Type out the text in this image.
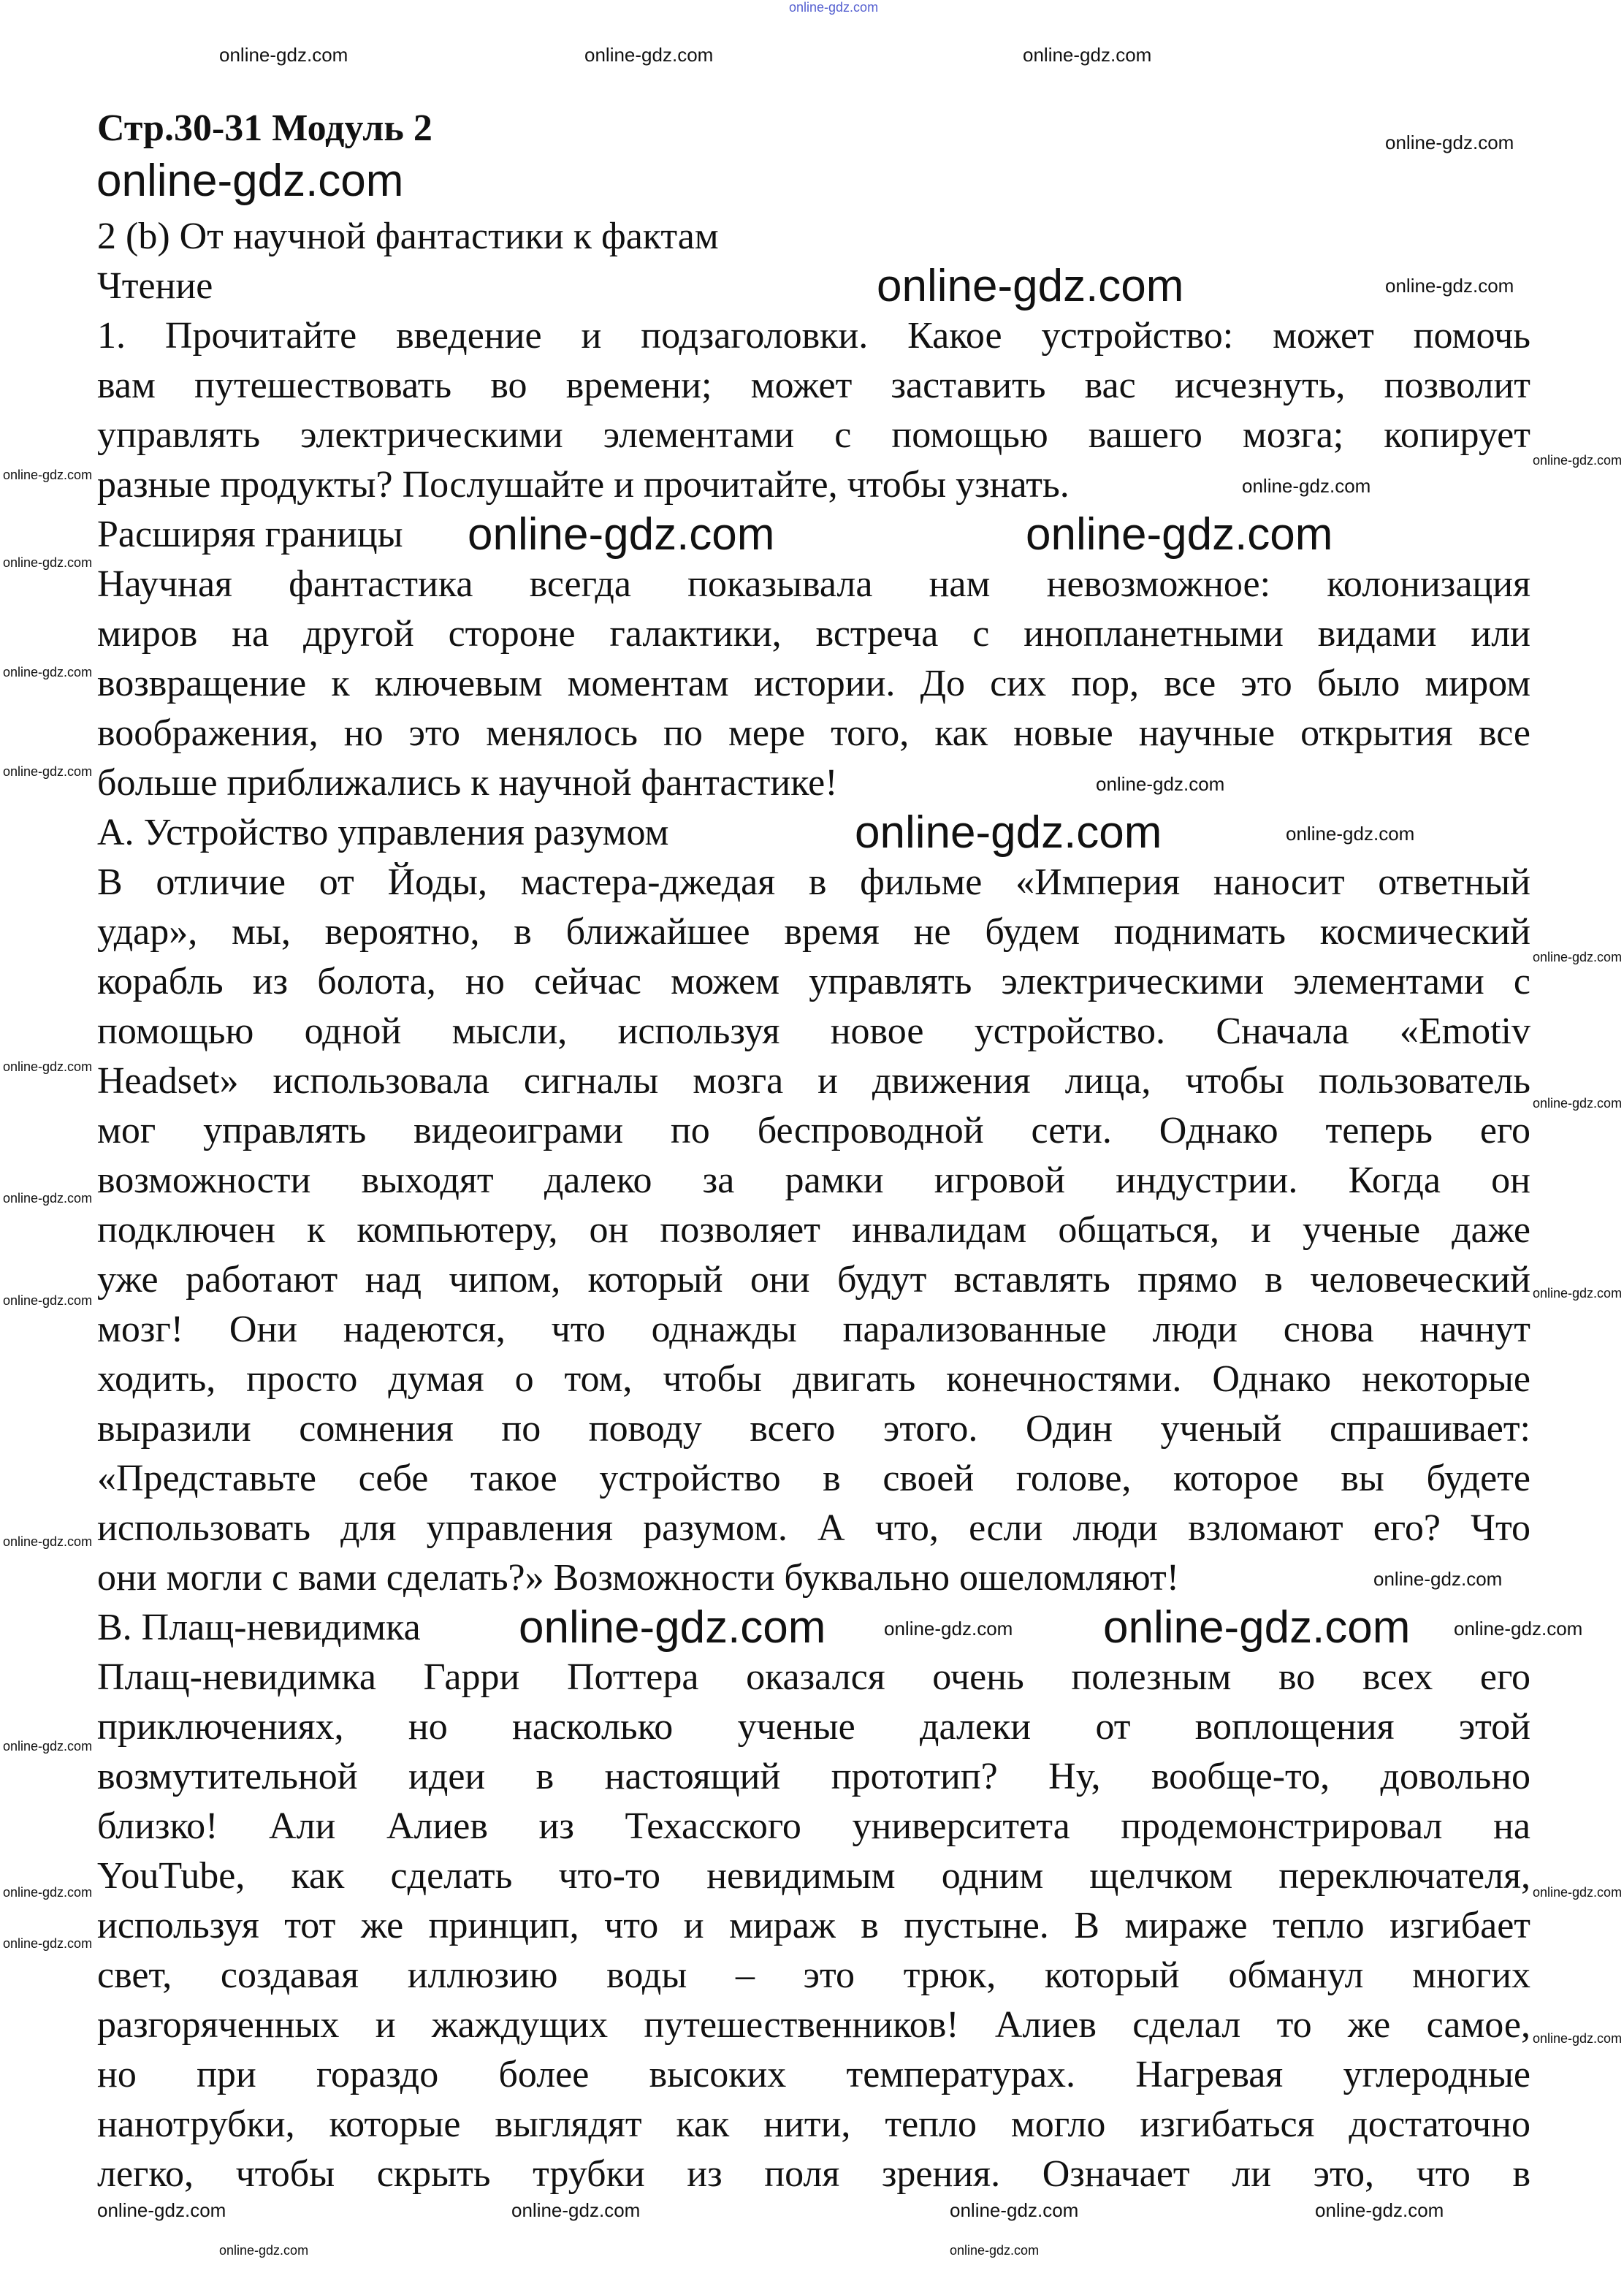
online-gdz.com
Стр.30-31 Модуль 2
2 (b) От научной фантастики к фактам
Чтение
1. Прочитайте введение и подзаголовки. Какое устройство: может помочь
вам путешествовать во времени; может заставить вас исчезнуть, позволит
управлять электрическими элементами с помощью вашего мозга; копирует
разные продукты? Послушайте и прочитайте, чтобы узнать.
Расширяя границы
Научная фантастика всегда показывала нам невозможное: колонизация
миров на другой стороне галактики, встреча с инопланетными видами или
возвращение к ключевым моментам истории. До сих пор, все это было миром
воображения, но это менялось по мере того, как новые научные открытия все
больше приближались к научной фантастике!
A. Устройство управления разумом
В отличие от Йоды, мастера-джедая в фильме «Империя наносит ответный
удар», мы, вероятно, в ближайшее время не будем поднимать космический
корабль из болота, но сейчас можем управлять электрическими элементами с
помощью одной мысли, используя новое устройство. Сначала «Emotiv
Headset» использовала сигналы мозга и движения лица, чтобы пользователь
мог управлять видеоиграми по беспроводной сети. Однако теперь его
возможности выходят далеко за рамки игровой индустрии. Когда он
подключен к компьютеру, он позволяет инвалидам общаться, и ученые даже
уже работают над чипом, который они будут вставлять прямо в человеческий
мозг! Они надеются, что однажды парализованные люди снова начнут
ходить, просто думая о том, чтобы двигать конечностями. Однако некоторые
выразили сомнения по поводу всего этого. Один ученый спрашивает:
«Представьте себе такое устройство в своей голове, которое вы будете
использовать для управления разумом. А что, если люди взломают его? Что
они могли с вами сделать?» Возможности буквально ошеломляют!
B. Плащ-невидимка
Плащ-невидимка Гарри Поттера оказался очень полезным во всех его
приключениях, но насколько ученые далеки от воплощения этой
возмутительной идеи в настоящий прототип? Ну, вообще-то, довольно
близко! Али Алиев из Техасского университета продемонстрировал на
YouTube, как сделать что-то невидимым одним щелчком переключателя,
используя тот же принцип, что и мираж в пустыне. В мираже тепло изгибает
свет, создавая иллюзию воды – это трюк, который обманул многих
разгоряченных и жаждущих путешественников! Алиев сделал то же самое,
но при гораздо более высоких температурах. Нагревая углеродные
нанотрубки, которые выглядят как нити, тепло могло изгибаться достаточно
легко, чтобы скрыть трубки из поля зрения. Означает ли это, что в
online-gdz.com
online-gdz.com
online-gdz.com	online-gdz.com
online-gdz.com
online-gdz.com	online-gdz.com
online-gdz.com
online-gdz.com
online-gdz.com
online-gdz.com
online-gdz.com
online-gdz.com
online-gdz.com	online-gdz.com
online-gdz.com	online-gdz.com	online-gdz.com
online-gdz.com	online-gdz.com	online-gdz.com	online-gdz.com
online-gdz.com
online-gdz.com
online-gdz.com
online-gdz.com
online-gdz.com
online-gdz.com
online-gdz.com
online-gdz.com
online-gdz.com
online-gdz.com
online-gdz.com
online-gdz.com
online-gdz.com
online-gdz.com
online-gdz.com
online-gdz.com
online-gdz.com
online-gdz.com	online-gdz.com
